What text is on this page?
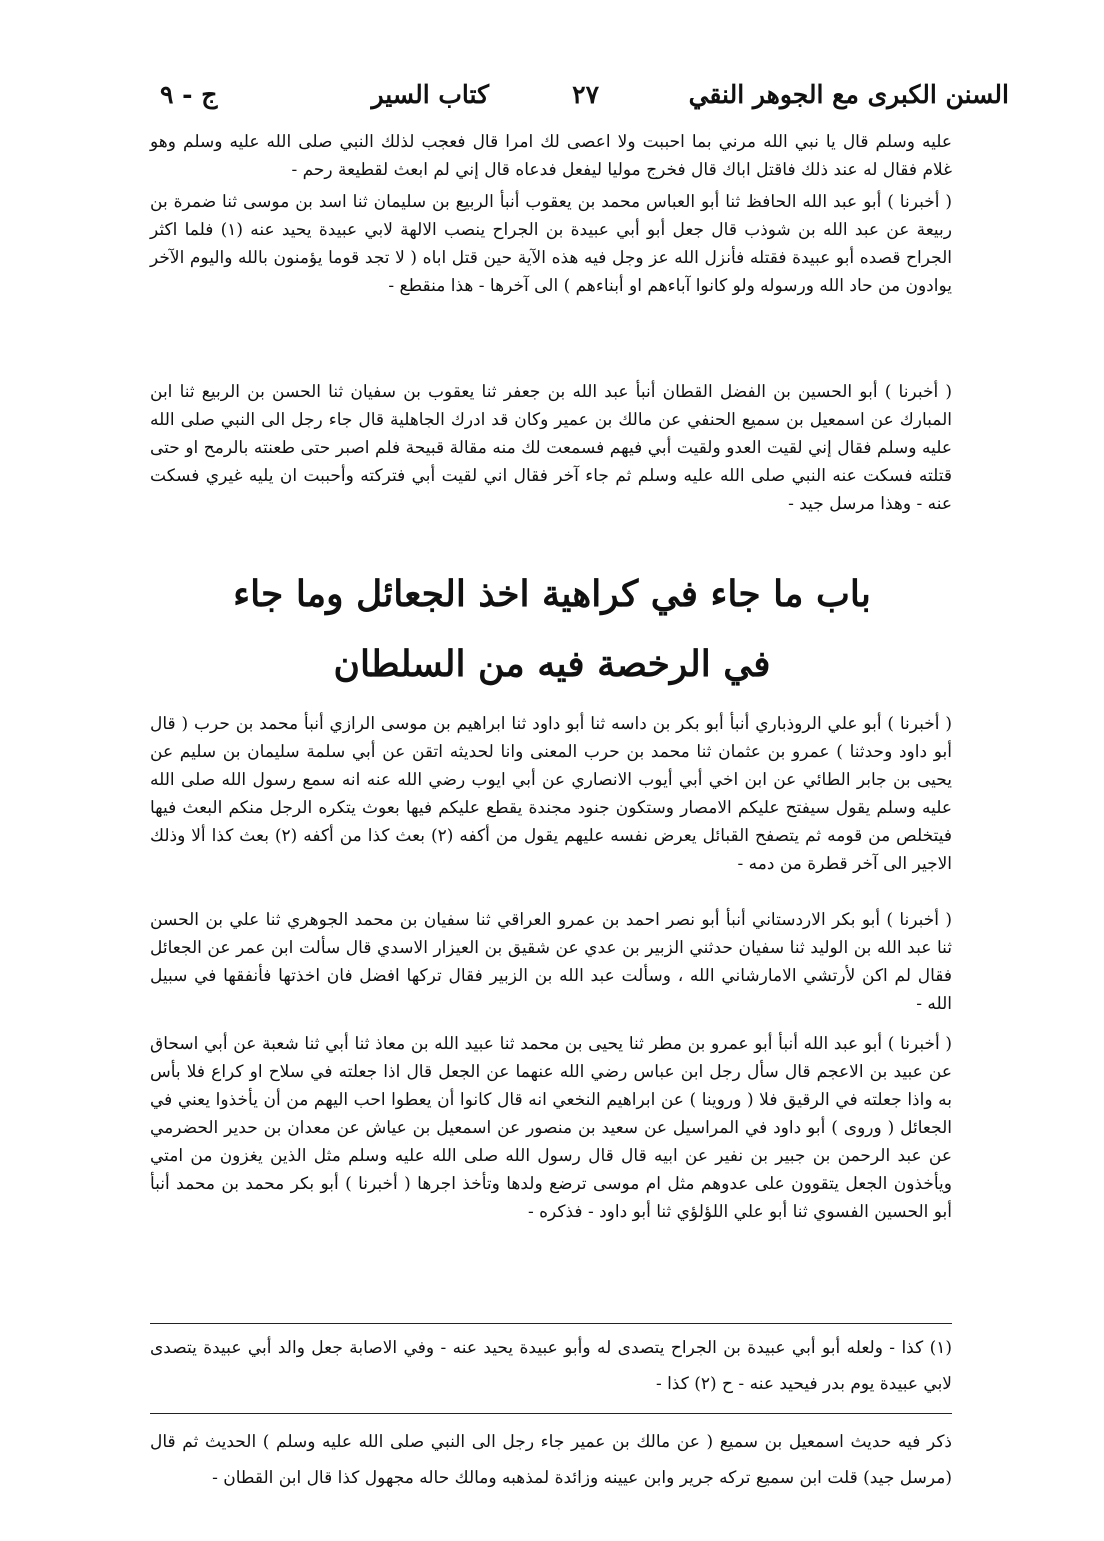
السنن الكبرى مع الجوهر النقي
٢٧
كتاب السير
ج - ٩

عليه وسلم قال يا نبي الله مرني بما احببت ولا اعصى لك امرا قال فعجب لذلك النبي صلى الله عليه وسلم وهو غلام فقال له عند ذلك فاقتل اباك قال فخرج موليا ليفعل فدعاه قال إني لم ابعث لقطيعة رحم -

( أخبرنا ) أبو عبد الله الحافظ ثنا أبو العباس محمد بن يعقوب أنبأ الربيع بن سليمان ثنا اسد بن موسى ثنا ضمرة بن ربيعة عن عبد الله بن شوذب قال جعل أبو أبي عبيدة بن الجراح ينصب الالهة لابي عبيدة يحيد عنه (١) فلما اكثر الجراح قصده أبو عبيدة فقتله فأنزل الله عز وجل فيه هذه الآية حين قتل اباه ( لا تجد قوما يؤمنون بالله واليوم الآخر يوادون من حاد الله ورسوله ولو كانوا آباءهم او أبناءهم ) الى آخرها - هذا منقطع -

( أخبرنا ) أبو الحسين بن الفضل القطان أنبأ عبد الله بن جعفر ثنا يعقوب بن سفيان ثنا الحسن بن الربيع ثنا ابن المبارك عن اسمعيل بن سميع الحنفي عن مالك بن عمير وكان قد ادرك الجاهلية قال جاء رجل الى النبي صلى الله عليه وسلم فقال إني لقيت العدو ولقيت أبي فيهم فسمعت لك منه مقالة قبيحة فلم اصبر حتى طعنته بالرمح او حتى قتلته فسكت عنه النبي صلى الله عليه وسلم ثم جاء آخر فقال اني لقيت أبي فتركته وأحببت ان يليه غيري فسكت عنه - وهذا مرسل جيد -

باب ما جاء في كراهية اخذ الجعائل وما جاء
في الرخصة فيه من السلطان

( أخبرنا ) أبو علي الروذباري أنبأ أبو بكر بن داسه ثنا أبو داود ثنا ابراهيم بن موسى الرازي أنبأ محمد بن حرب ( قال أبو داود وحدثنا ) عمرو بن عثمان ثنا محمد بن حرب المعنى وانا لحديثه اتقن عن أبي سلمة سليمان بن سليم عن يحيى بن جابر الطائي عن ابن اخي أبي أيوب الانصاري عن أبي ايوب رضي الله عنه انه سمع رسول الله صلى الله عليه وسلم يقول سيفتح عليكم الامصار وستكون جنود مجندة يقطع عليكم فيها بعوث يتكره الرجل منكم البعث فيها فيتخلص من قومه ثم يتصفح القبائل يعرض نفسه عليهم يقول من أكفه (٢) بعث كذا من أكفه (٢) بعث كذا ألا وذلك الاجير الى آخر قطرة من دمه -

( أخبرنا ) أبو بكر الاردستاني أنبأ أبو نصر احمد بن عمرو العراقي ثنا سفيان بن محمد الجوهري ثنا علي بن الحسن ثنا عبد الله بن الوليد ثنا سفيان حدثني الزبير بن عدي عن شقيق بن العيزار الاسدي قال سألت ابن عمر عن الجعائل فقال لم اكن لأرتشي الامارشاني الله ، وسألت عبد الله بن الزبير فقال تركها افضل فان اخذتها فأنفقها في سبيل الله -

( أخبرنا ) أبو عبد الله أنبأ أبو عمرو بن مطر ثنا يحيى بن محمد ثنا عبيد الله بن معاذ ثنا أبي ثنا شعبة عن أبي اسحاق عن عبيد بن الاعجم قال سأل رجل ابن عباس رضي الله عنهما عن الجعل قال اذا جعلته في سلاح او كراع فلا بأس به واذا جعلته في الرقيق فلا ( وروينا ) عن ابراهيم النخعي انه قال كانوا أن يعطوا احب اليهم من أن يأخذوا يعني في الجعائل ( وروى ) أبو داود في المراسيل عن سعيد بن منصور عن اسمعيل بن عياش عن معدان بن حدير الحضرمي عن عبد الرحمن بن جبير بن نفير عن ابيه قال قال رسول الله صلى الله عليه وسلم مثل الذين يغزون من امتي ويأخذون الجعل يتقوون على عدوهم مثل ام موسى ترضع ولدها وتأخذ اجرها ( أخبرنا ) أبو بكر محمد بن محمد أنبأ أبو الحسين الفسوي ثنا أبو علي اللؤلؤي ثنا أبو داود - فذكره -

(١) كذا - ولعله أبو أبي عبيدة بن الجراح يتصدى له وأبو عبيدة يحيد عنه - وفي الاصابة جعل والد أبي عبيدة يتصدى لابي عبيدة يوم بدر فيحيد عنه - ح (٢) كذا -
ذكر فيه حديث اسمعيل بن سميع ( عن مالك بن عمير جاء رجل الى النبي صلى الله عليه وسلم ) الحديث ثم قال (مرسل جيد) قلت ابن سميع تركه جرير وابن عيينه وزائدة لمذهبه ومالك حاله مجهول كذا قال ابن القطان -
